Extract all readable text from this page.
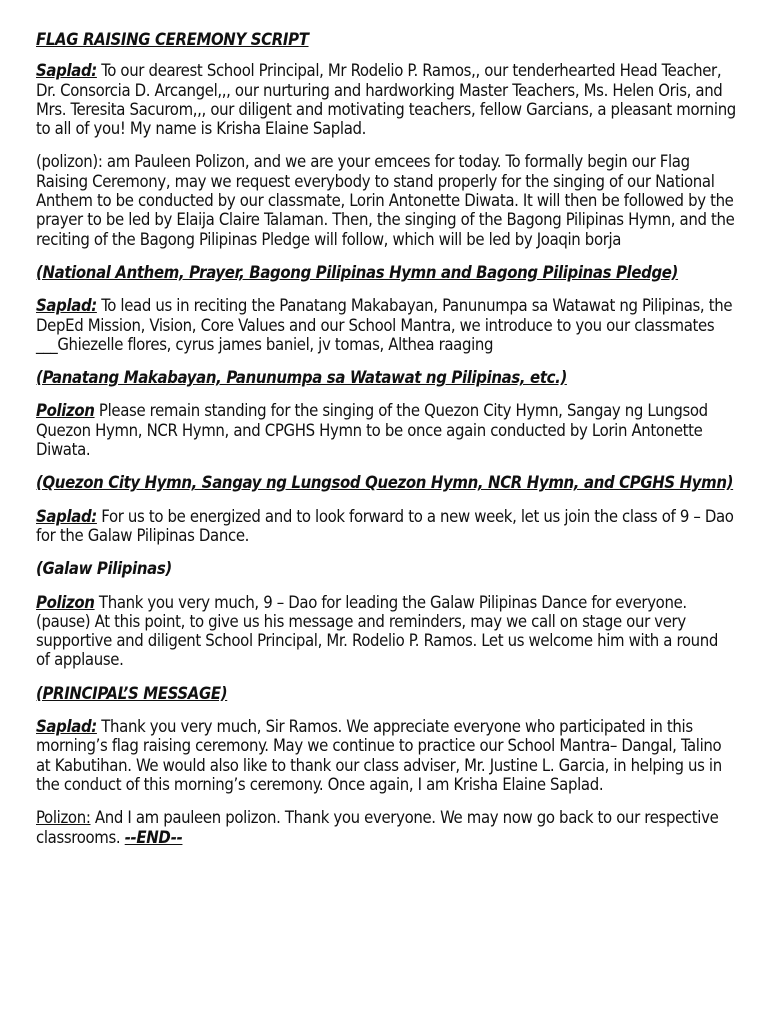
FLAG RAISING CEREMONY SCRIPT

Saplad: To our dearest School Principal, Mr Rodelio P. Ramos,, our tenderhearted Head Teacher, Dr. Consorcia D. Arcangel,,, our nurturing and hardworking Master Teachers, Ms. Helen Oris, and Mrs. Teresita Sacurom,,, our diligent and motivating teachers, fellow Garcians, a pleasant morning to all of you! My name is Krisha Elaine Saplad.

(polizon): am Pauleen Polizon, and we are your emcees for today. To formally begin our Flag Raising Ceremony, may we request everybody to stand properly for the singing of our National Anthem to be conducted by our classmate, Lorin Antonette Diwata. It will then be followed by the prayer to be led by Elaija Claire Talaman. Then, the singing of the Bagong Pilipinas Hymn, and the reciting of the Bagong Pilipinas Pledge will follow, which will be led by Joaqin borja

(National Anthem, Prayer, Bagong Pilipinas Hymn and Bagong Pilipinas Pledge)

Saplad: To lead us in reciting the Panatang Makabayan, Panunumpa sa Watawat ng Pilipinas, the DepEd Mission, Vision, Core Values and our School Mantra, we introduce to you our classmates ___Ghiezelle flores, cyrus james baniel, jv tomas, Althea raaging

(Panatang Makabayan, Panunumpa sa Watawat ng Pilipinas, etc.)

Polizon Please remain standing for the singing of the Quezon City Hymn, Sangay ng Lungsod Quezon Hymn, NCR Hymn, and CPGHS Hymn to be once again conducted by Lorin Antonette Diwata.

(Quezon City Hymn, Sangay ng Lungsod Quezon Hymn, NCR Hymn, and CPGHS Hymn)

Saplad: For us to be energized and to look forward to a new week, let us join the class of 9 – Dao for the Galaw Pilipinas Dance.

(Galaw Pilipinas)

Polizon Thank you very much, 9 – Dao for leading the Galaw Pilipinas Dance for everyone. (pause) At this point, to give us his message and reminders, may we call on stage our very supportive and diligent School Principal, Mr. Rodelio P. Ramos. Let us welcome him with a round of applause.

(PRINCIPAL’S MESSAGE)

Saplad: Thank you very much, Sir Ramos. We appreciate everyone who participated in this morning’s flag raising ceremony. May we continue to practice our School Mantra– Dangal, Talino at Kabutihan. We would also like to thank our class adviser, Mr. Justine L. Garcia, in helping us in the conduct of this morning’s ceremony. Once again, I am Krisha Elaine Saplad.

Polizon: And I am pauleen polizon. Thank you everyone. We may now go back to our respective classrooms. --END--
